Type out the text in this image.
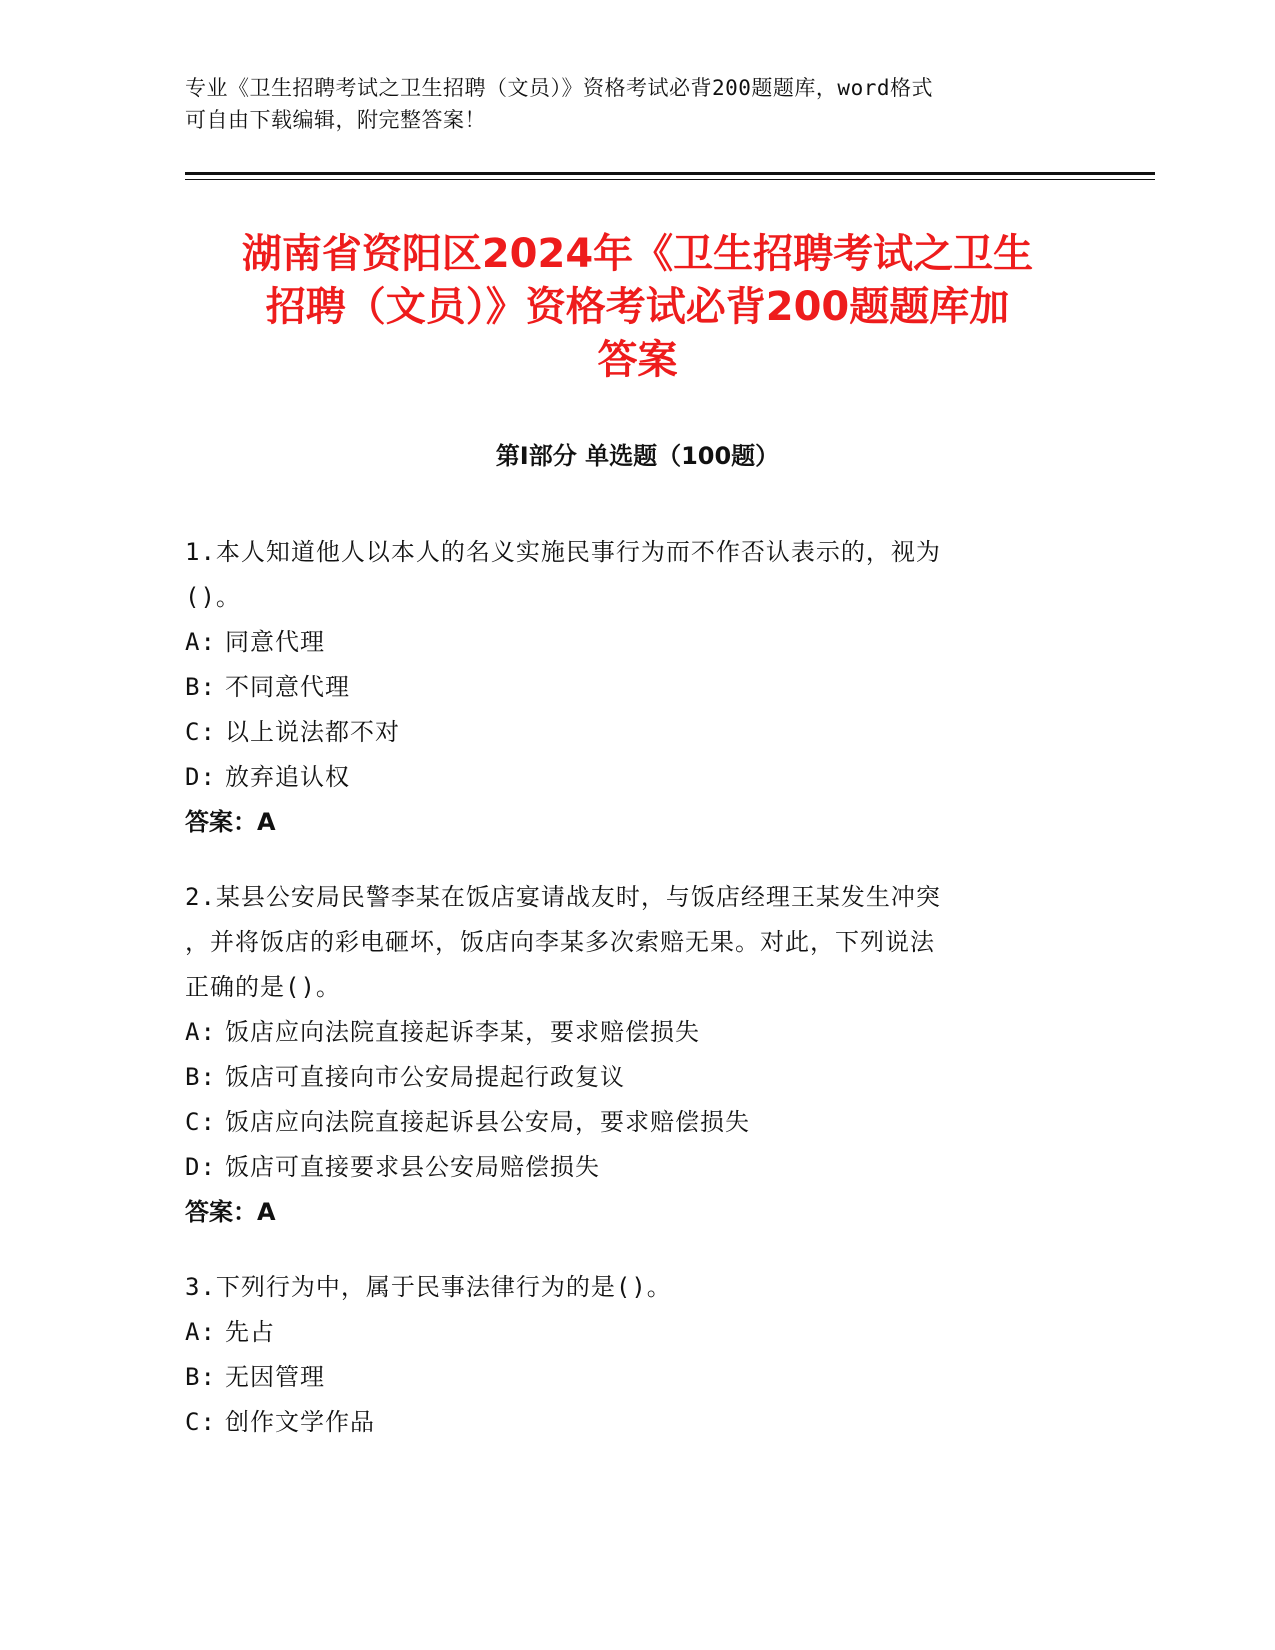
专业《卫生招聘考试之卫生招聘（文员）》资格考试必背200题题库，word格式
可自由下载编辑，附完整答案！
湖南省资阳区2024年《卫生招聘考试之卫生
招聘（文员）》资格考试必背200题题库加
答案
第Ⅰ部分 单选题（100题）
1.本人知道他人以本人的名义实施民事行为而不作否认表示的，视为
()。
A: 同意代理
B: 不同意代理
C: 以上说法都不对
D: 放弃追认权
答案：A
2.某县公安局民警李某在饭店宴请战友时，与饭店经理王某发生冲突
，并将饭店的彩电砸坏，饭店向李某多次索赔无果。对此，下列说法
正确的是()。
A: 饭店应向法院直接起诉李某，要求赔偿损失
B: 饭店可直接向市公安局提起行政复议
C: 饭店应向法院直接起诉县公安局，要求赔偿损失
D: 饭店可直接要求县公安局赔偿损失
答案：A
3.下列行为中，属于民事法律行为的是()。
A: 先占
B: 无因管理
C: 创作文学作品
